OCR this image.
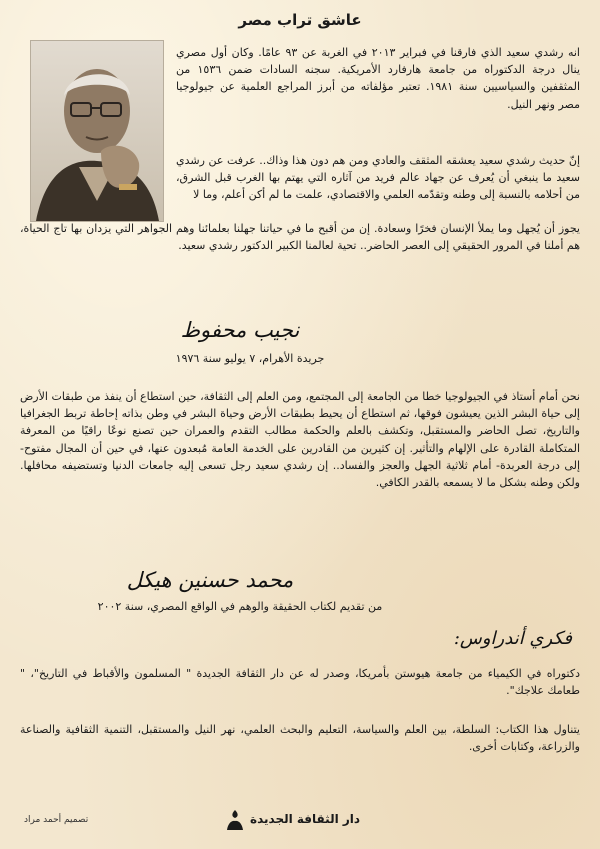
عاشق تراب مصر
انه رشدي سعيد الذي فارقنا في فبراير ٢٠١٣ في الغربة عن ٩٣ عامًا. وكان أول مصري ينال درجة الدكتوراه من جامعة هارفارد الأمريكية. سجنه السادات ضمن ١٥٣٦ من المثقفين والسياسيين سنة ١٩٨١. تعتبر مؤلفاته من أبرز المراجع العلمية عن جيولوجيا مصر ونهر النيل.
إنّ حديث رشدي سعيد يعشقه المثقف والعادي ومن هم دون هذا وذاك.. عرفت عن رشدي سعيد ما ينبغي أن يُعرف عن جهاد عالم فريد من آثاره التي يهتم بها الغرب قبل الشرق، من أحلامه بالنسبة إلى وطنه وتقدّمه العلمي والاقتصادي، علمت ما لم أكن أعلم، وما لا
يجوز أن يُجهل وما يملأ الإنسان فخرًا وسعادة. إن من أقبح ما في حياتنا جهلنا بعلمائنا وهم الجواهر التي يزدان بها تاج الحياة، هم أملنا في المرور الحقيقي إلى العصر الحاضر.. تحية لعالمنا الكبير الدكتور رشدي سعيد.
نجيب محفوظ
جريدة الأهرام، ٧ يوليو سنة ١٩٧٦
نحن أمام أستاذ في الجيولوجيا خطا من الجامعة إلى المجتمع، ومن العلم إلى الثقافة، حين استطاع أن ينفذ من طبقات الأرض إلى حياة البشر الذين يعيشون فوقها، ثم استطاع أن يحيط بطبقات الأرض وحياة البشر في وطن بذاته إحاطة تربط الجغرافيا والتاريخ، تصل الحاضر والمستقبل، وتكشف بالعلم والحكمة مطالب التقدم والعمران حين تصنع نوعًا راقيًا من المعرفة المتكاملة القادرة على الإلهام والتأثير. إن كثيرين من القادرين على الخدمة العامة مُبعدون عنها، في حين أن المجال مفتوح- إلى درجة العربدة- أمام ثلاثية الجهل والعجز والفساد.. إن رشدي سعيد رجل تسعى إليه جامعات الدنيا وتستضيفه محافلها. ولكن وطنه بشكل ما لا يسمعه بالقدر الكافي.
محمد حسنين هيكل
من تقديم لكتاب الحقيقة والوهم في الواقع المصري، سنة ٢٠٠٢
فكري أندراوس:
دكتوراه في الكيمياء من جامعة هيوستن بأمريكا، وصدر له عن دار الثقافة الجديدة " المسلمون والأقباط في التاريخ"، " طعامك علاجك".
يتناول هذا الكتاب: السلطة، بين العلم والسياسة، التعليم والبحث العلمي، نهر النيل والمستقبل، التنمية الثقافية والصناعة والزراعة، وكتابات أخرى.
تصميم أحمد مراد	دار الثقافة الجديدة
